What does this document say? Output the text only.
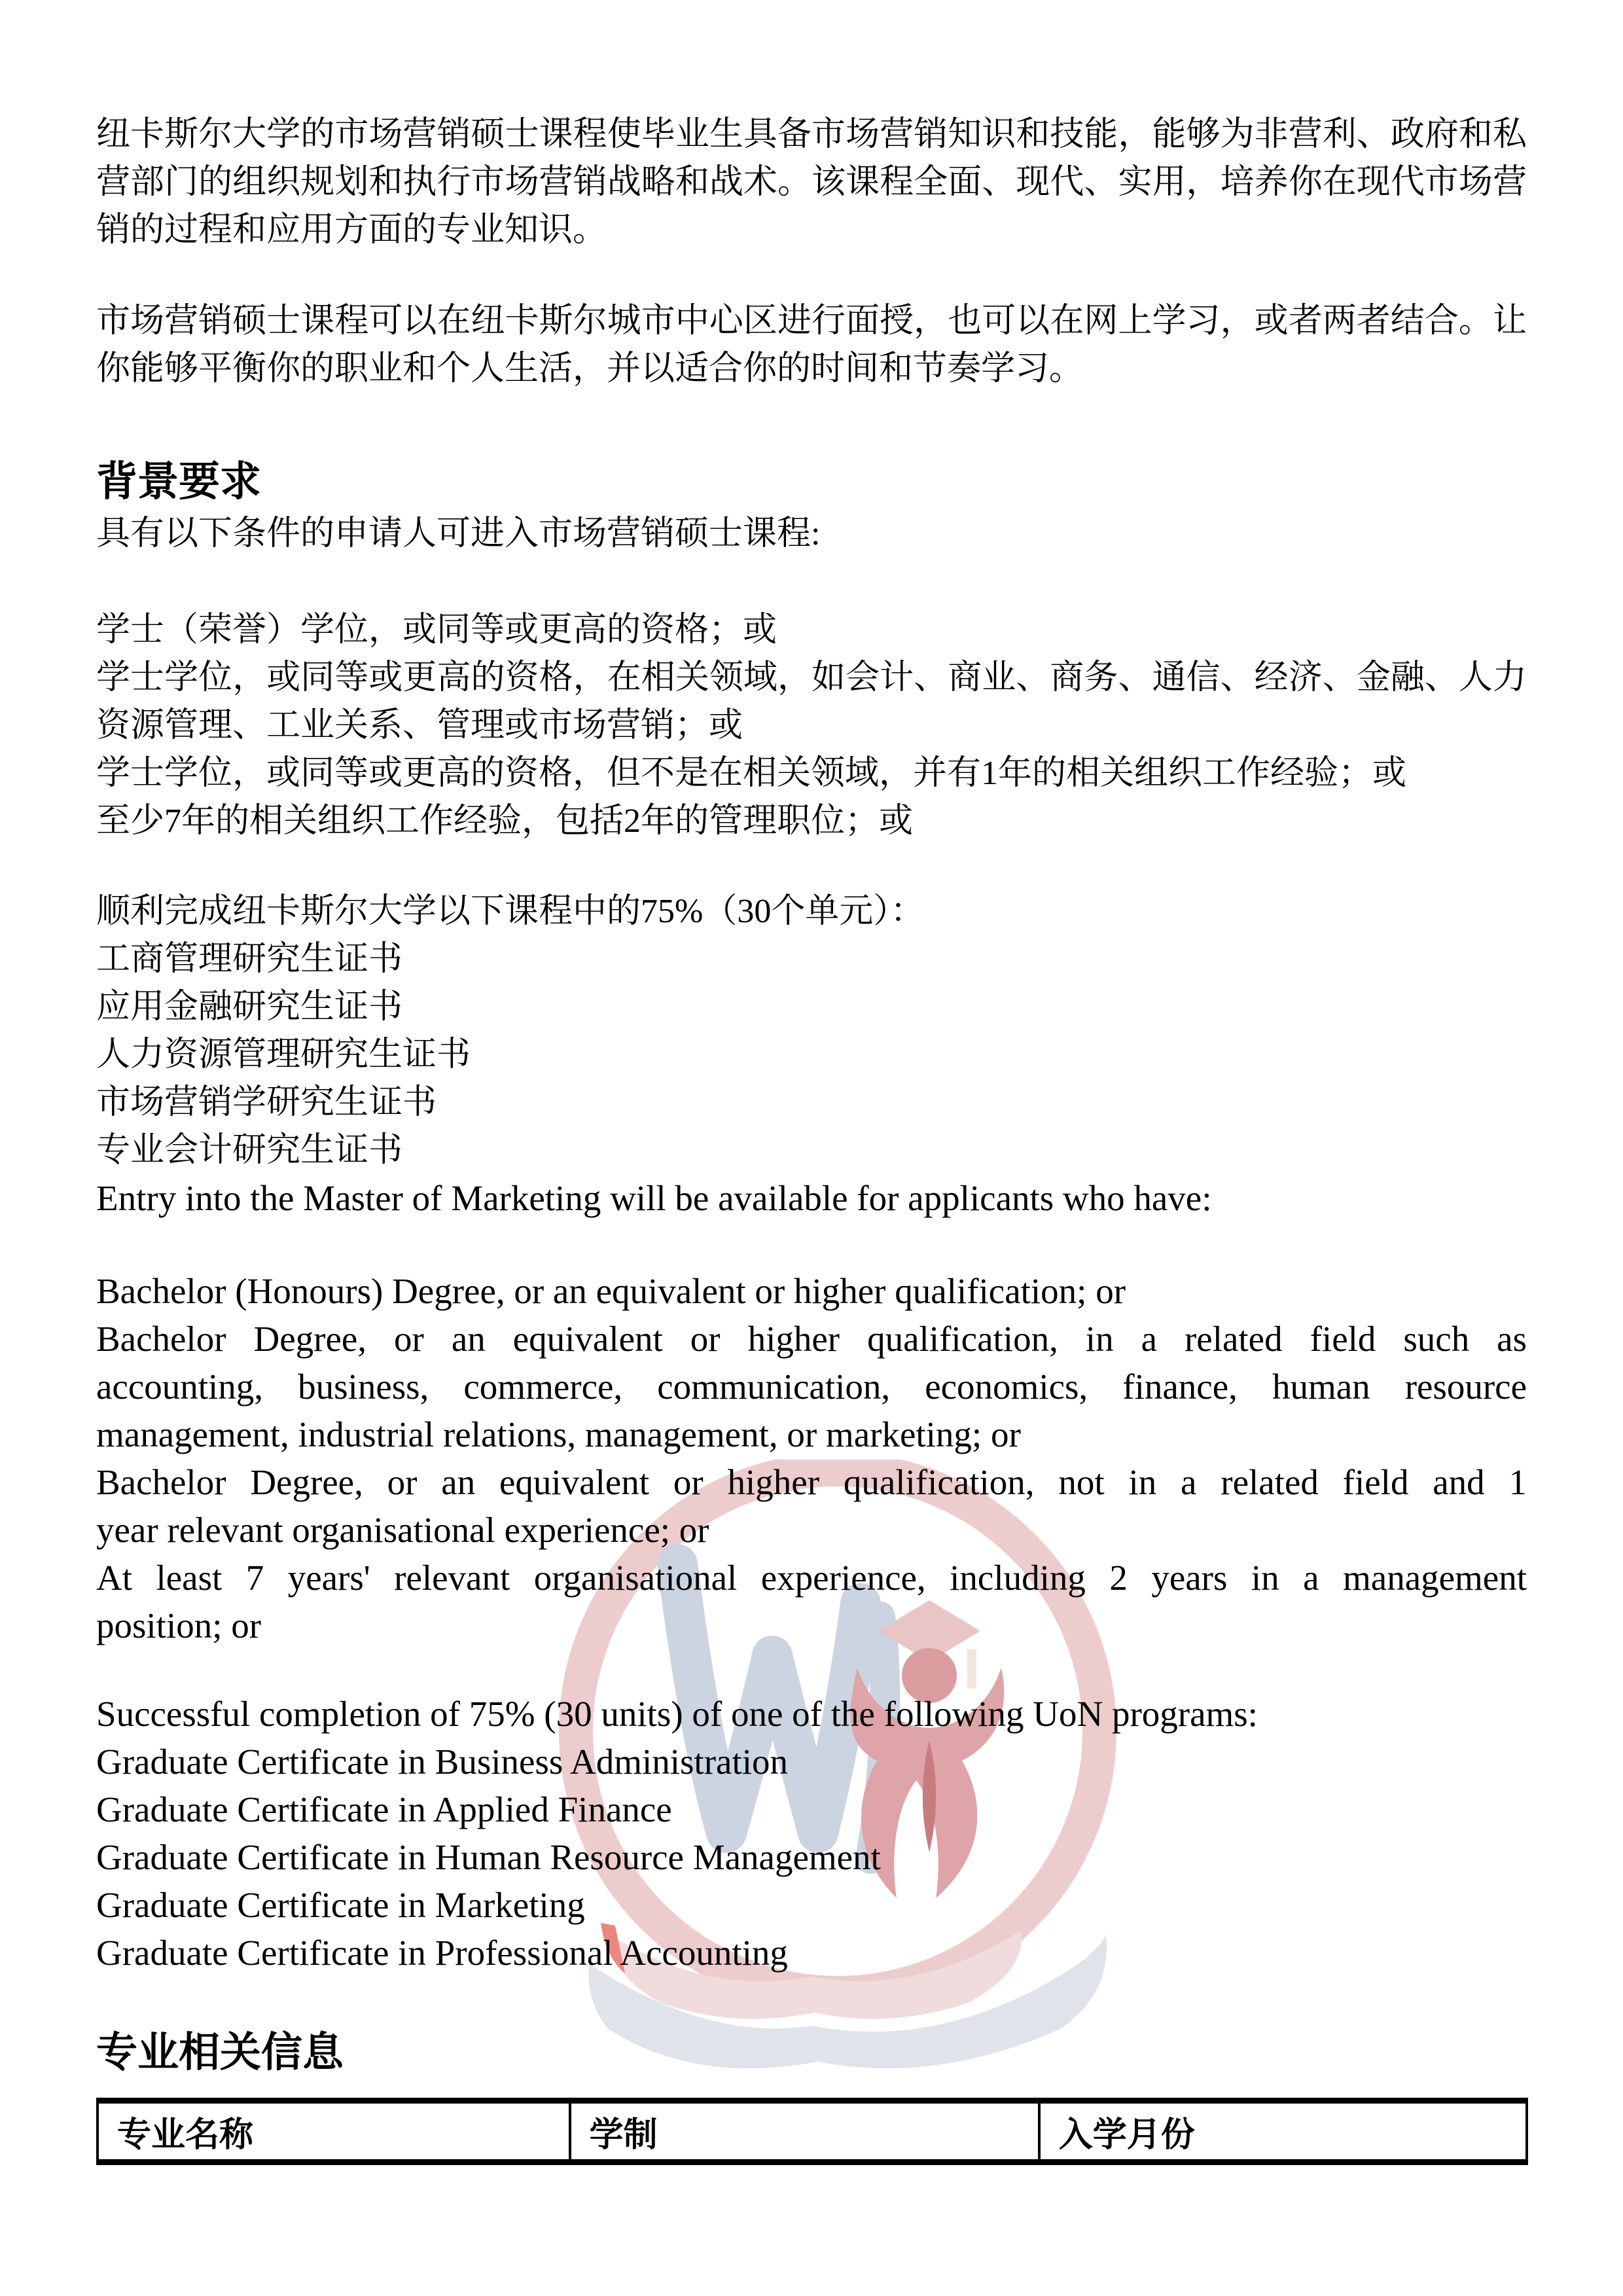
纽卡斯尔大学的市场营销硕士课程使毕业生具备市场营销知识和技能，能够为非营利、政府和私
营部门的组织规划和执行市场营销战略和战术。该课程全面、现代、实用，培养你在现代市场营
销的过程和应用方面的专业知识。
市场营销硕士课程可以在纽卡斯尔城市中心区进行面授，也可以在网上学习，或者两者结合。让
你能够平衡你的职业和个人生活，并以适合你的时间和节奏学习。
背景要求
具有以下条件的申请人可进入市场营销硕士课程:
学士（荣誉）学位，或同等或更高的资格；或
学士学位，或同等或更高的资格，在相关领域，如会计、商业、商务、通信、经济、金融、人力
资源管理、工业关系、管理或市场营销；或
学士学位，或同等或更高的资格，但不是在相关领域，并有1年的相关组织工作经验；或
至少7年的相关组织工作经验，包括2年的管理职位；或
顺利完成纽卡斯尔大学以下课程中的75%（30个单元）：
工商管理研究生证书
应用金融研究生证书
人力资源管理研究生证书
市场营销学研究生证书
专业会计研究生证书
Entry into the Master of Marketing will be available for applicants who have:
Bachelor (Honours) Degree, or an equivalent or higher qualification; or
Bachelor Degree, or an equivalent or higher qualification, in a related field such as
accounting, business, commerce, communication, economics, finance, human resource
management, industrial relations, management, or marketing; or
Bachelor Degree, or an equivalent or higher qualification, not in a related field and 1
year relevant organisational experience; or
At least 7 years' relevant organisational experience, including 2 years in a management
position; or
Successful completion of 75% (30 units) of one of the following UoN programs:
Graduate Certificate in Business Administration
Graduate Certificate in Applied Finance
Graduate Certificate in Human Resource Management
Graduate Certificate in Marketing
Graduate Certificate in Professional Accounting
专业相关信息
专业名称	学制	入学月份
